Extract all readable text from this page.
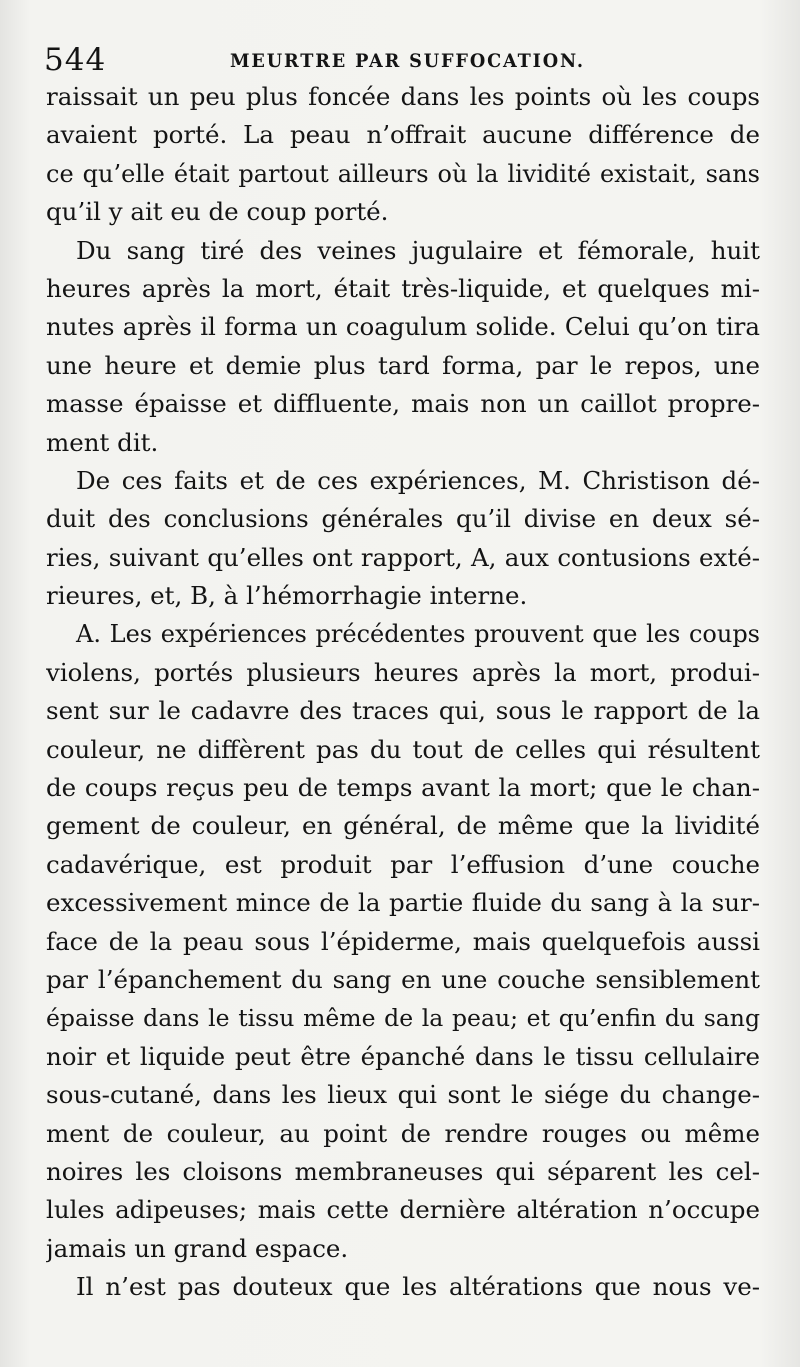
544	MEURTRE PAR SUFFOCATION.
raissait un peu plus foncée dans les points où les coups
avaient porté. La peau n’offrait aucune différence de
ce qu’elle était partout ailleurs où la lividité existait, sans
qu’il y ait eu de coup porté.
Du sang tiré des veines jugulaire et fémorale, huit
heures après la mort, était très-liquide, et quelques mi-
nutes après il forma un coagulum solide. Celui qu’on tira
une heure et demie plus tard forma, par le repos, une
masse épaisse et diffluente, mais non un caillot propre-
ment dit.
De ces faits et de ces expériences, M. Christison dé-
duit des conclusions générales qu’il divise en deux sé-
ries, suivant qu’elles ont rapport, A, aux contusions exté-
rieures, et, B, à l’hémorrhagie interne.
A. Les expériences précédentes prouvent que les coups
violens, portés plusieurs heures après la mort, produi-
sent sur le cadavre des traces qui, sous le rapport de la
couleur, ne diffèrent pas du tout de celles qui résultent
de coups reçus peu de temps avant la mort; que le chan-
gement de couleur, en général, de même que la lividité
cadavérique, est produit par l’effusion d’une couche
excessivement mince de la partie fluide du sang à la sur-
face de la peau sous l’épiderme, mais quelquefois aussi
par l’épanchement du sang en une couche sensiblement
épaisse dans le tissu même de la peau; et qu’enfin du sang
noir et liquide peut être épanché dans le tissu cellulaire
sous-cutané, dans les lieux qui sont le siége du change-
ment de couleur, au point de rendre rouges ou même
noires les cloisons membraneuses qui séparent les cel-
lules adipeuses; mais cette dernière altération n’occupe
jamais un grand espace.
Il n’est pas douteux que les altérations que nous ve-
